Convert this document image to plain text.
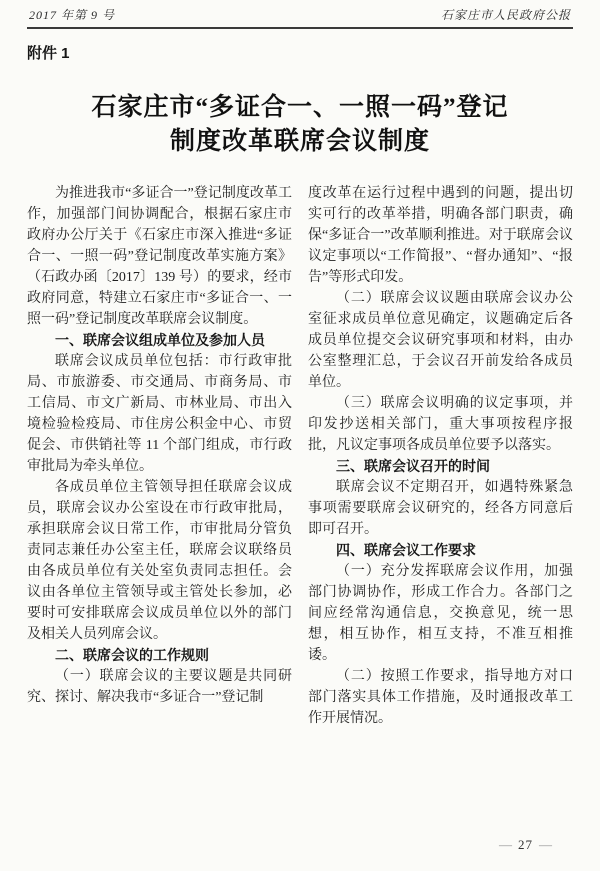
2017 年第 9 号	石家庄市人民政府公报
附件 1
石家庄市“多证合一、一照一码”登记
制度改革联席会议制度

为推进我市“多证合一”登记制度改革工作，加强部门间协调配合，根据石家庄市政府办公厅关于《石家庄市深入推进“多证合一、一照一码”登记制度改革实施方案》（石政办函〔2017〕139 号）的要求，经市政府同意，特建立石家庄市“多证合一、一照一码”登记制度改革联席会议制度。

一、联席会议组成单位及参加人员

联席会议成员单位包括：市行政审批局、市旅游委、市交通局、市商务局、市工信局、市文广新局、市林业局、市出入境检验检疫局、市住房公积金中心、市贸促会、市供销社等 11 个部门组成，市行政审批局为牵头单位。

各成员单位主管领导担任联席会议成员，联席会议办公室设在市行政审批局，承担联席会议日常工作，市审批局分管负责同志兼任办公室主任，联席会议联络员由各成员单位有关处室负责同志担任。会议由各单位主管领导或主管处长参加，必要时可安排联席会议成员单位以外的部门及相关人员列席会议。

二、联席会议的工作规则

（一）联席会议的主要议题是共同研究、探讨、解决我市“多证合一”登记制

度改革在运行过程中遇到的问题，提出切实可行的改革举措，明确各部门职责，确保“多证合一”改革顺利推进。对于联席会议议定事项以“工作简报”、“督办通知”、“报告”等形式印发。

（二）联席会议议题由联席会议办公室征求成员单位意见确定，议题确定后各成员单位提交会议研究事项和材料，由办公室整理汇总，于会议召开前发给各成员单位。

（三）联席会议明确的议定事项，并印发抄送相关部门，重大事项按程序报批，凡议定事项各成员单位要予以落实。

三、联席会议召开的时间

联席会议不定期召开，如遇特殊紧急事项需要联席会议研究的，经各方同意后即可召开。

四、联席会议工作要求

（一）充分发挥联席会议作用，加强部门协调协作，形成工作合力。各部门之间应经常沟通信息，交换意见，统一思想，相互协作，相互支持，不准互相推诿。

（二）按照工作要求，指导地方对口部门落实具体工作措施，及时通报改革工作开展情况。

— 27 —
